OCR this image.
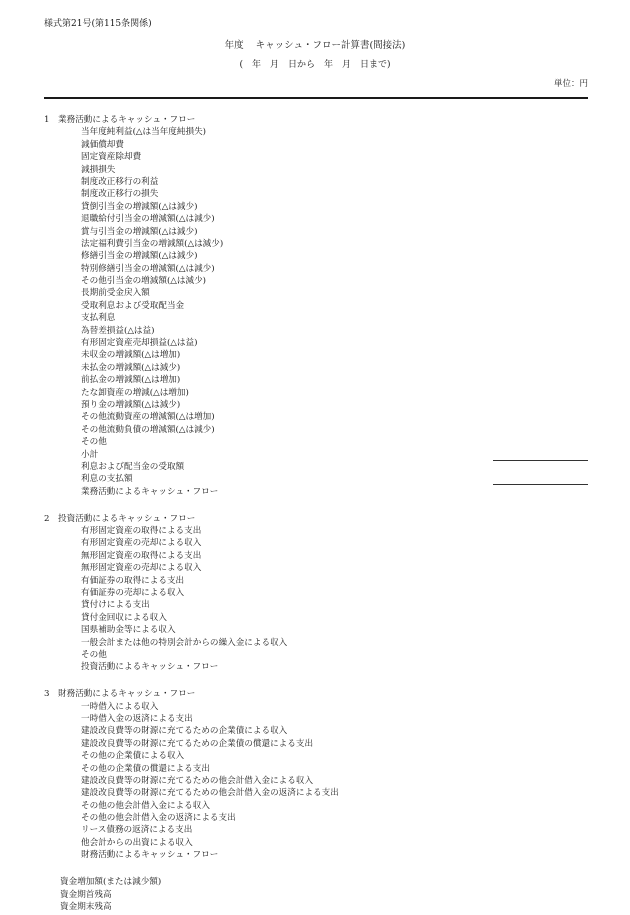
様式第21号(第115条関係)
年度 キャッシュ・フロー計算書(間接法)
(　年　月　日から　年　月　日まで)
単位：円
1 業務活動によるキャッシュ・フロー
当年度純利益(△は当年度純損失)
減価償却費
固定資産除却費
減損損失
制度改正移行の利益
制度改正移行の損失
貸倒引当金の増減額(△は減少)
退職給付引当金の増減額(△は減少)
賞与引当金の増減額(△は減少)
法定福利費引当金の増減額(△は減少)
修繕引当金の増減額(△は減少)
特別修繕引当金の増減額(△は減少)
その他引当金の増減額(△は減少)
長期前受金戻入額
受取利息および受取配当金
支払利息
為替差損益(△は益)
有形固定資産売却損益(△は益)
未収金の増減額(△は増加)
未払金の増減額(△は減少)
前払金の増減額(△は増加)
たな卸資産の増減(△は増加)
預り金の増減額(△は減少)
その他流動資産の増減額(△は増加)
その他流動負債の増減額(△は減少)
その他
小計
利息および配当金の受取額
利息の支払額
業務活動によるキャッシュ・フロー
2 投資活動によるキャッシュ・フロー
有形固定資産の取得による支出
有形固定資産の売却による収入
無形固定資産の取得による支出
無形固定資産の売却による収入
有価証券の取得による支出
有価証券の売却による収入
貸付けによる支出
貸付金回収による収入
国県補助金等による収入
一般会計または他の特別会計からの繰入金による収入
その他
投資活動によるキャッシュ・フロー
3 財務活動によるキャッシュ・フロー
一時借入による収入
一時借入金の返済による支出
建設改良費等の財源に充てるための企業債による収入
建設改良費等の財源に充てるための企業債の償還による支出
その他の企業債による収入
その他の企業債の償還による支出
建設改良費等の財源に充てるための他会計借入金による収入
建設改良費等の財源に充てるための他会計借入金の返済による支出
その他の他会計借入金による収入
その他の他会計借入金の返済による支出
リース債務の返済による支出
他会計からの出資による収入
財務活動によるキャッシュ・フロー
資金増加額(または減少額)
資金期首残高
資金期末残高
